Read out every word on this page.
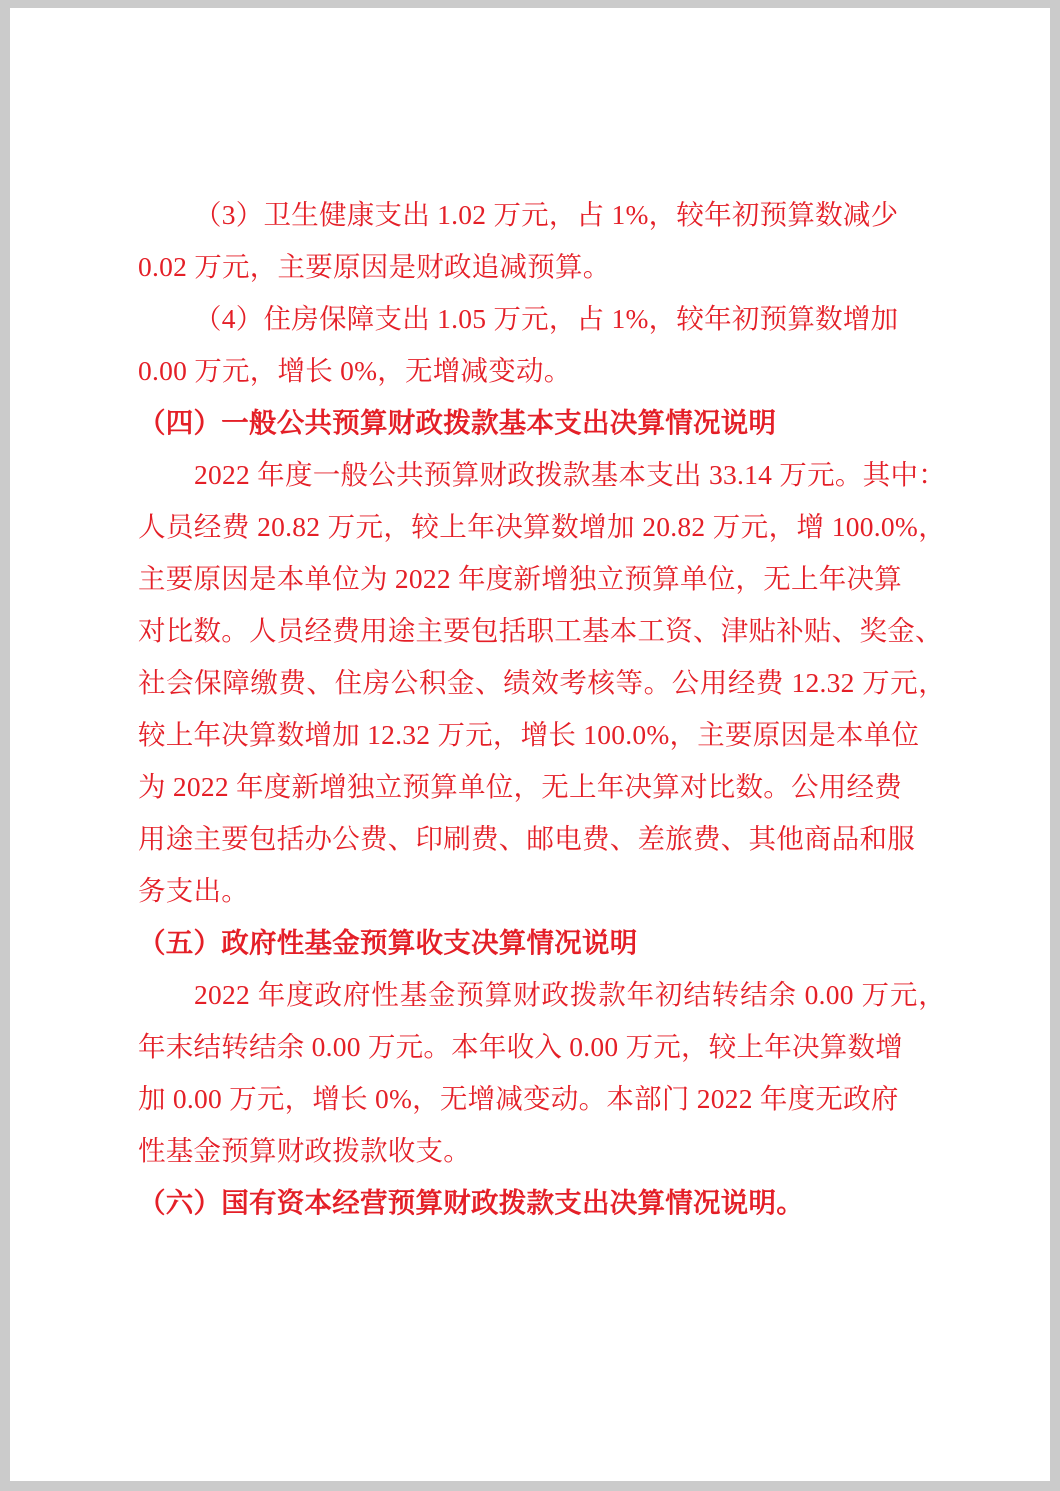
（3）卫生健康支出 1.02 万元，占 1%，较年初预算数减少
0.02 万元，主要原因是财政追减预算。
（4）住房保障支出 1.05 万元，占 1%，较年初预算数增加
0.00 万元，增长 0%，无增减变动。
（四）一般公共预算财政拨款基本支出决算情况说明
2022 年度一般公共预算财政拨款基本支出 33.14 万元。其中：
人员经费 20.82 万元，较上年决算数增加 20.82 万元，增 100.0%，
主要原因是本单位为 2022 年度新增独立预算单位，无上年决算
对比数。人员经费用途主要包括职工基本工资、津贴补贴、奖金、
社会保障缴费、住房公积金、绩效考核等。公用经费 12.32 万元，
较上年决算数增加 12.32 万元，增长 100.0%，主要原因是本单位
为 2022 年度新增独立预算单位，无上年决算对比数。公用经费
用途主要包括办公费、印刷费、邮电费、差旅费、其他商品和服
务支出。
（五）政府性基金预算收支决算情况说明
2022 年度政府性基金预算财政拨款年初结转结余 0.00 万元，
年末结转结余 0.00 万元。本年收入 0.00 万元，较上年决算数增
加 0.00 万元，增长 0%，无增减变动。本部门 2022 年度无政府
性基金预算财政拨款收支。
（六）国有资本经营预算财政拨款支出决算情况说明。
